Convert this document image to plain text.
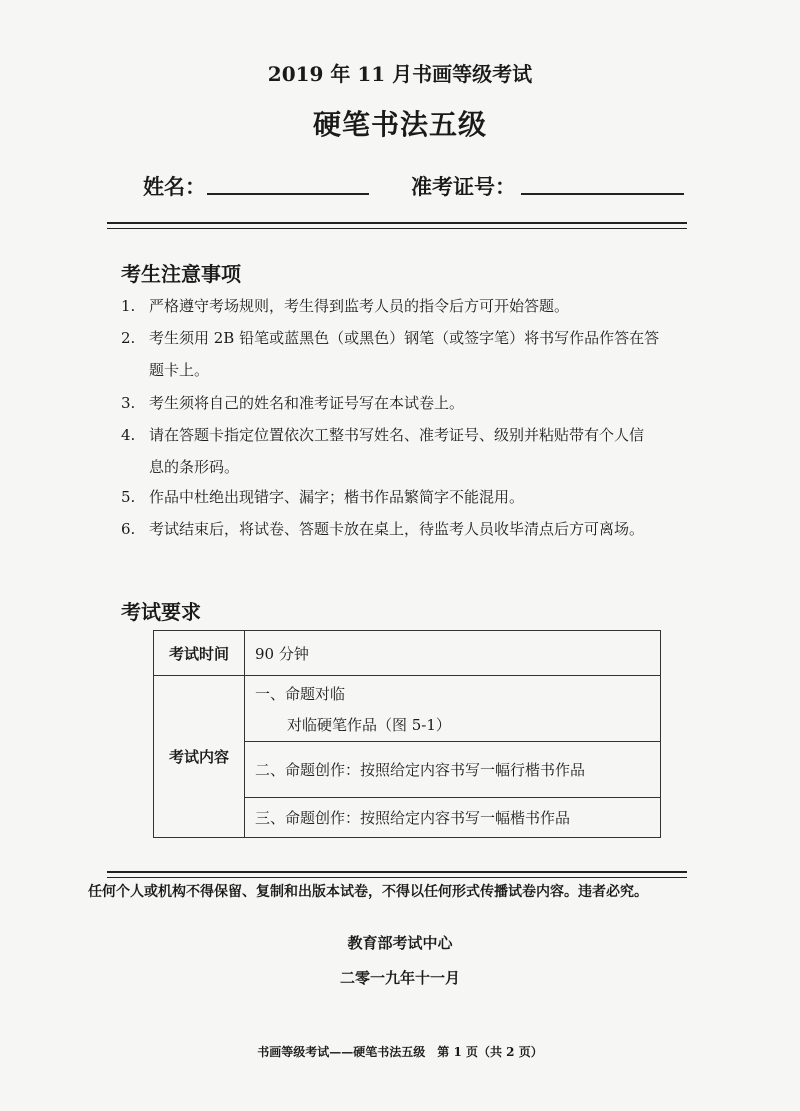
2019 年 11 月书画等级考试
硬笔书法五级
姓名：	准考证号：
考生注意事项
1. 严格遵守考场规则，考生得到监考人员的指令后方可开始答题。
2. 考生须用 2B 铅笔或蓝黑色（或黑色）钢笔（或签字笔）将书写作品作答在答
题卡上。
3. 考生须将自己的姓名和准考证号写在本试卷上。
4. 请在答题卡指定位置依次工整书写姓名、准考证号、级别并粘贴带有个人信
息的条形码。
5. 作品中杜绝出现错字、漏字；楷书作品繁简字不能混用。
6. 考试结束后，将试卷、答题卡放在桌上，待监考人员收毕清点后方可离场。
考试要求
考试时间	90 分钟
考试内容	一、命题对临
对临硬笔作品（图 5-1）

	二、命题创作：按照给定内容书写一幅行楷书作品
	三、命题创作：按照给定内容书写一幅楷书作品
任何个人或机构不得保留、复制和出版本试卷，不得以任何形式传播试卷内容。违者必究。
教育部考试中心
二零一九年十一月
书画等级考试——硬笔书法五级　第 1 页（共 2 页）
